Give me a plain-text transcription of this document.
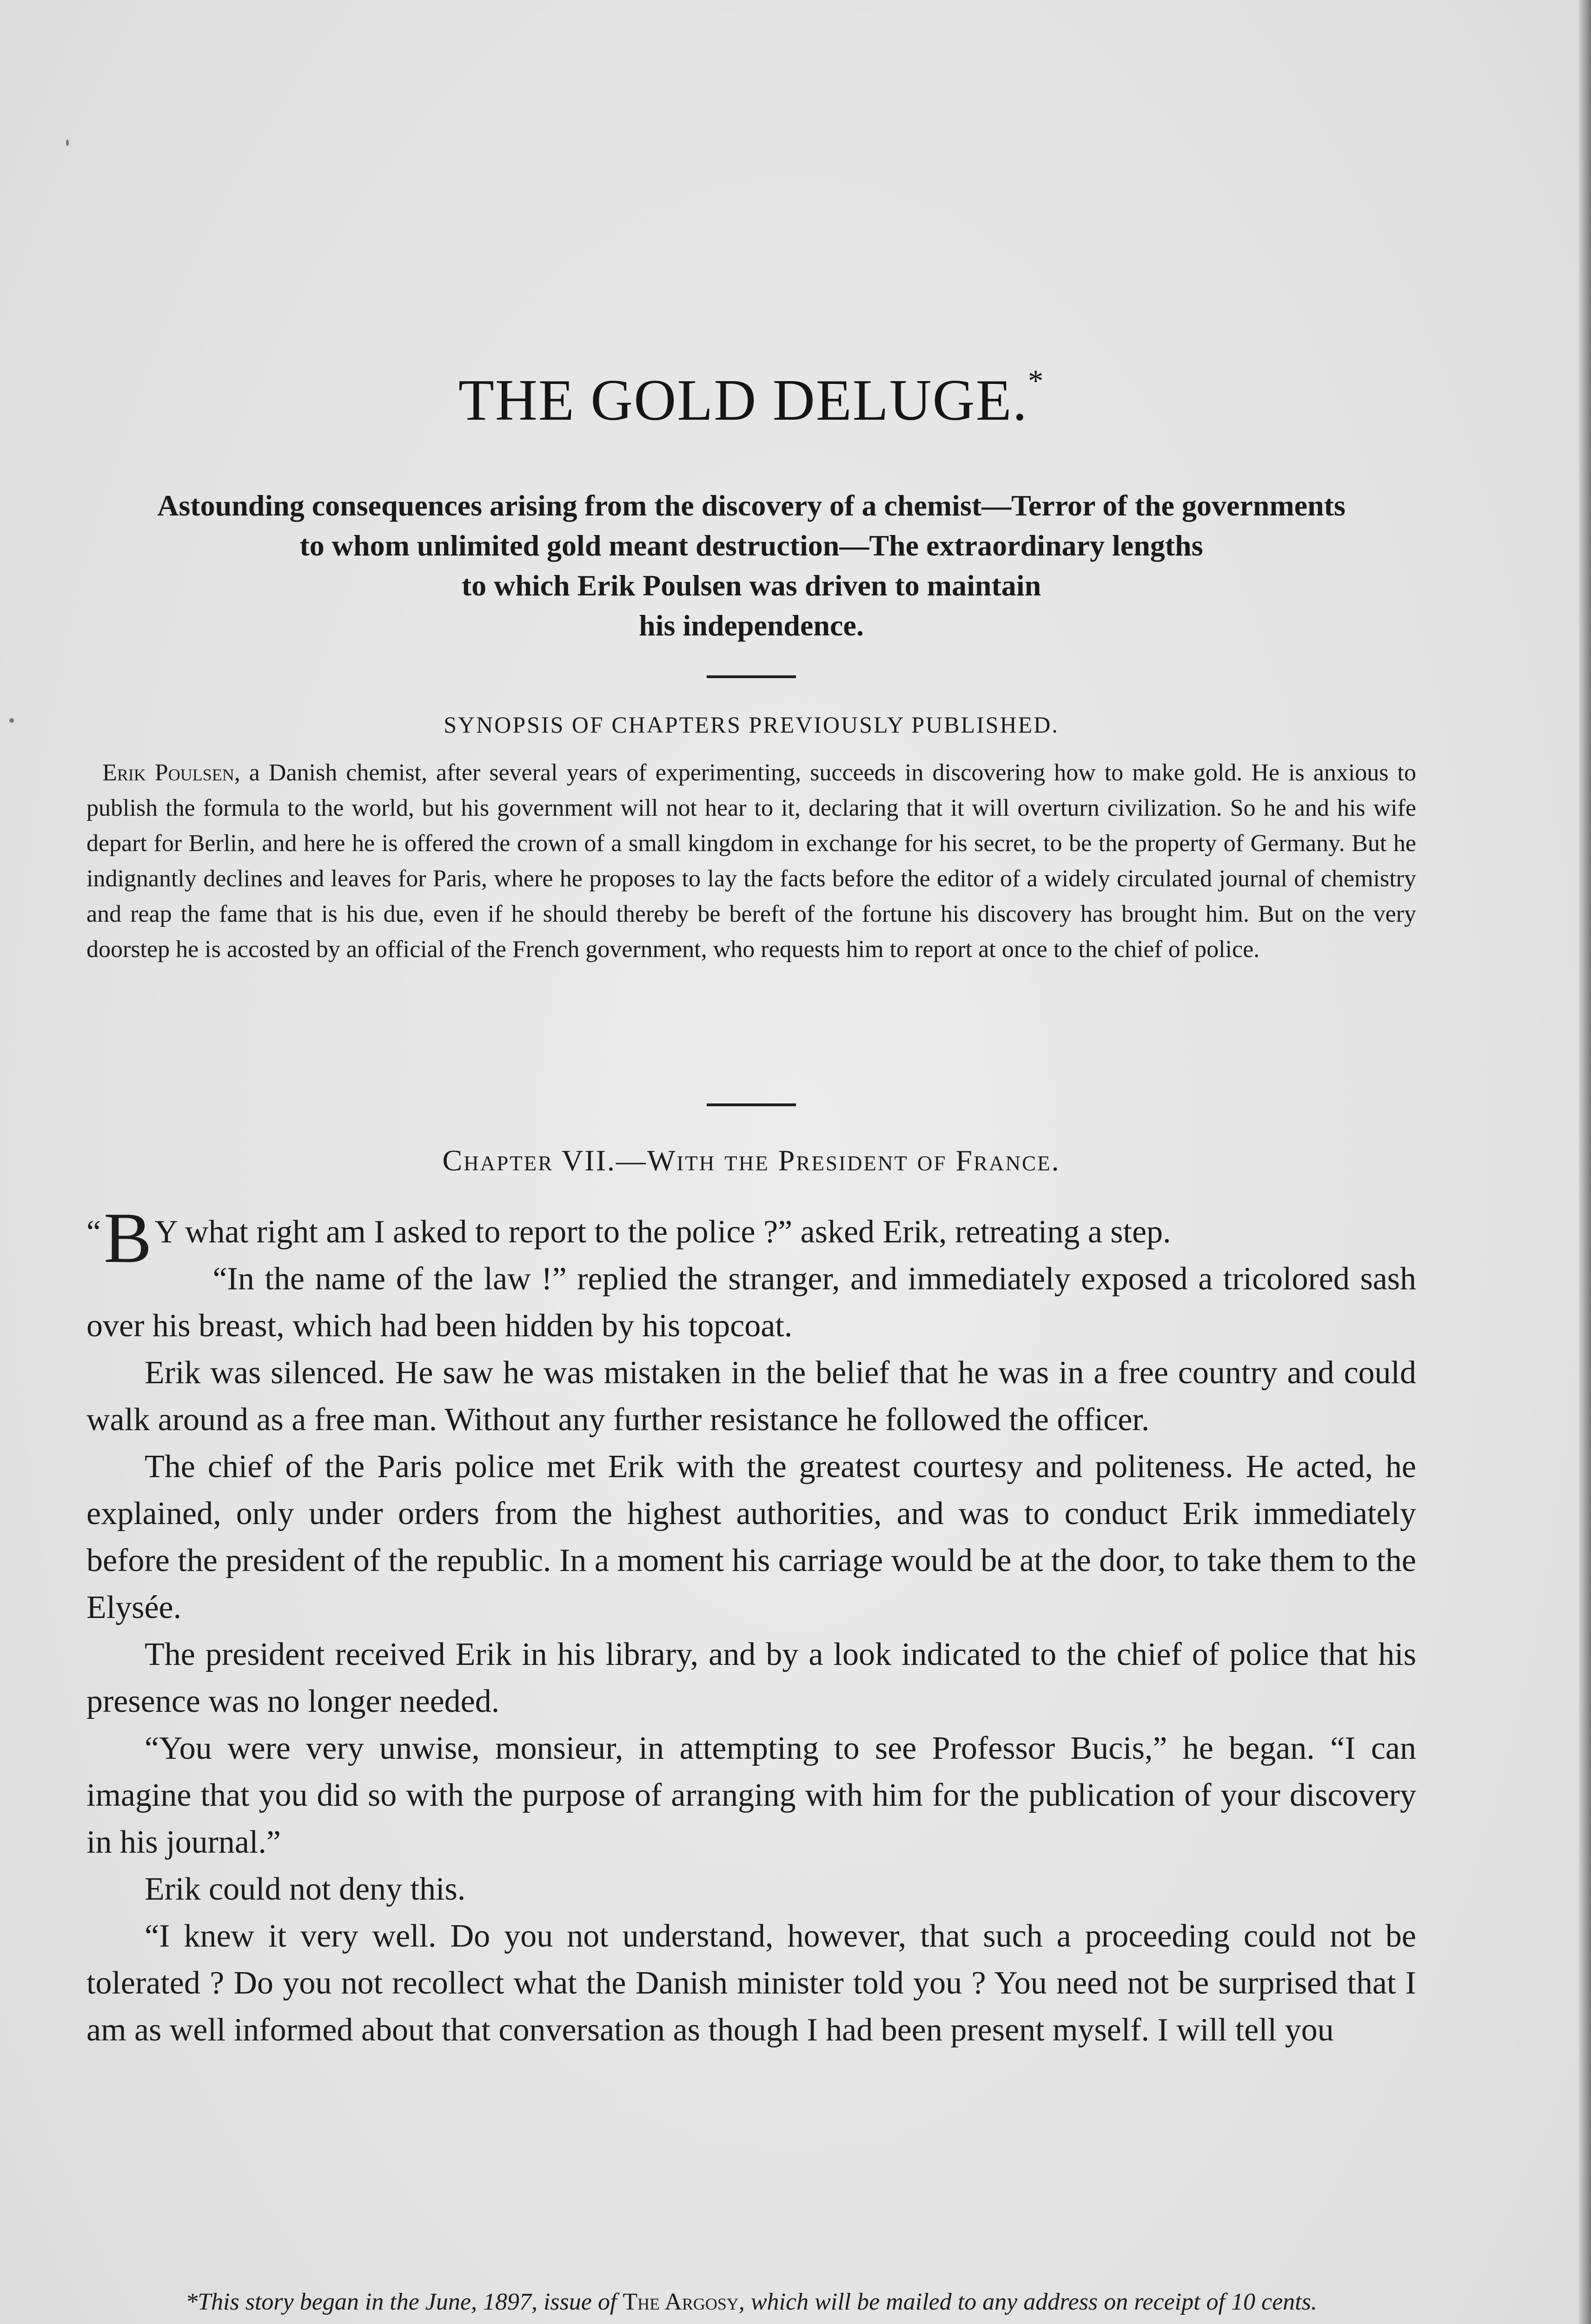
THE GOLD DELUGE.*
Astounding consequences arising from the discovery of a chemist—Terror of the governments
to whom unlimited gold meant destruction—The extraordinary lengths
to which Erik Poulsen was driven to maintain
his independence.
SYNOPSIS OF CHAPTERS PREVIOUSLY PUBLISHED.
Erik Poulsen, a Danish chemist, after several years of experimenting, succeeds in discovering how to make gold. He is anxious to publish the formula to the world, but his government will not hear to it, declaring that it will overturn civilization. So he and his wife depart for Berlin, and here he is offered the crown of a small kingdom in exchange for his secret, to be the property of Germany. But he indignantly declines and leaves for Paris, where he proposes to lay the facts before the editor of a widely circulated journal of chemistry and reap the fame that is his due, even if he should thereby be bereft of the fortune his discovery has brought him. But on the very doorstep he is accosted by an official of the French government, who requests him to report at once to the chief of police.
Chapter VII.—With the President of France.

“ B Y what right am I asked to report to the police ?” asked Erik, retreating a step.

“In the name of the law !” replied the stranger, and immediately exposed a tricolored sash over his breast, which had been hidden by his topcoat.

Erik was silenced. He saw he was mistaken in the belief that he was in a free country and could walk around as a free man. Without any further resistance he followed the officer.

The chief of the Paris police met Erik with the greatest courtesy and politeness. He acted, he explained, only under orders from the highest authorities, and was to conduct Erik immediately before the president of the republic. In a moment his carriage would be at the door, to take them to the Elysée.

The president received Erik in his library, and by a look indicated to the chief of police that his presence was no longer needed.

“You were very unwise, monsieur, in attempting to see Professor Bucis,” he began. “I can imagine that you did so with the purpose of arranging with him for the publication of your discovery in his journal.”

Erik could not deny this.

“I knew it very well. Do you not understand, however, that such a proceeding could not be tolerated ? Do you not recollect what the Danish minister told you ? You need not be surprised that I am as well informed about that conversation as though I had been present myself. I will tell you

*This story began in the June, 1897, issue of The Argosy, which will be mailed to any address on receipt of 10 cents.
